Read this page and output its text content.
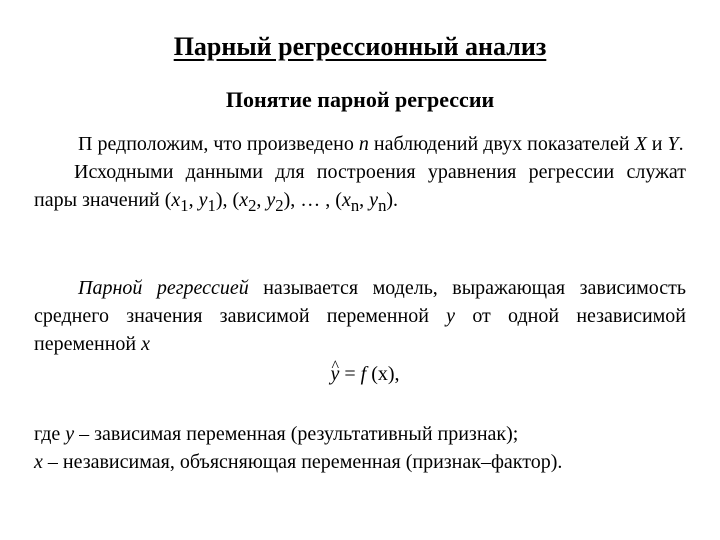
Парный регрессионный анализ
Понятие парной регрессии
П редположим, что произведено n наблюдений двух показателей X и Y.
Исходными данными для построения уравнения регрессии служат пары значений ($x_1$, $y_1$), ($x_2$, $y_2$), … , ($x_n$, $y_n$).
Парной регрессией называется модель, выражающая зависимость среднего значения зависимой переменной y от одной независимой переменной x
^ y = f (x),
где y – зависимая переменная (результативный признак);
x – независимая, объясняющая переменная (признак–фактор).
